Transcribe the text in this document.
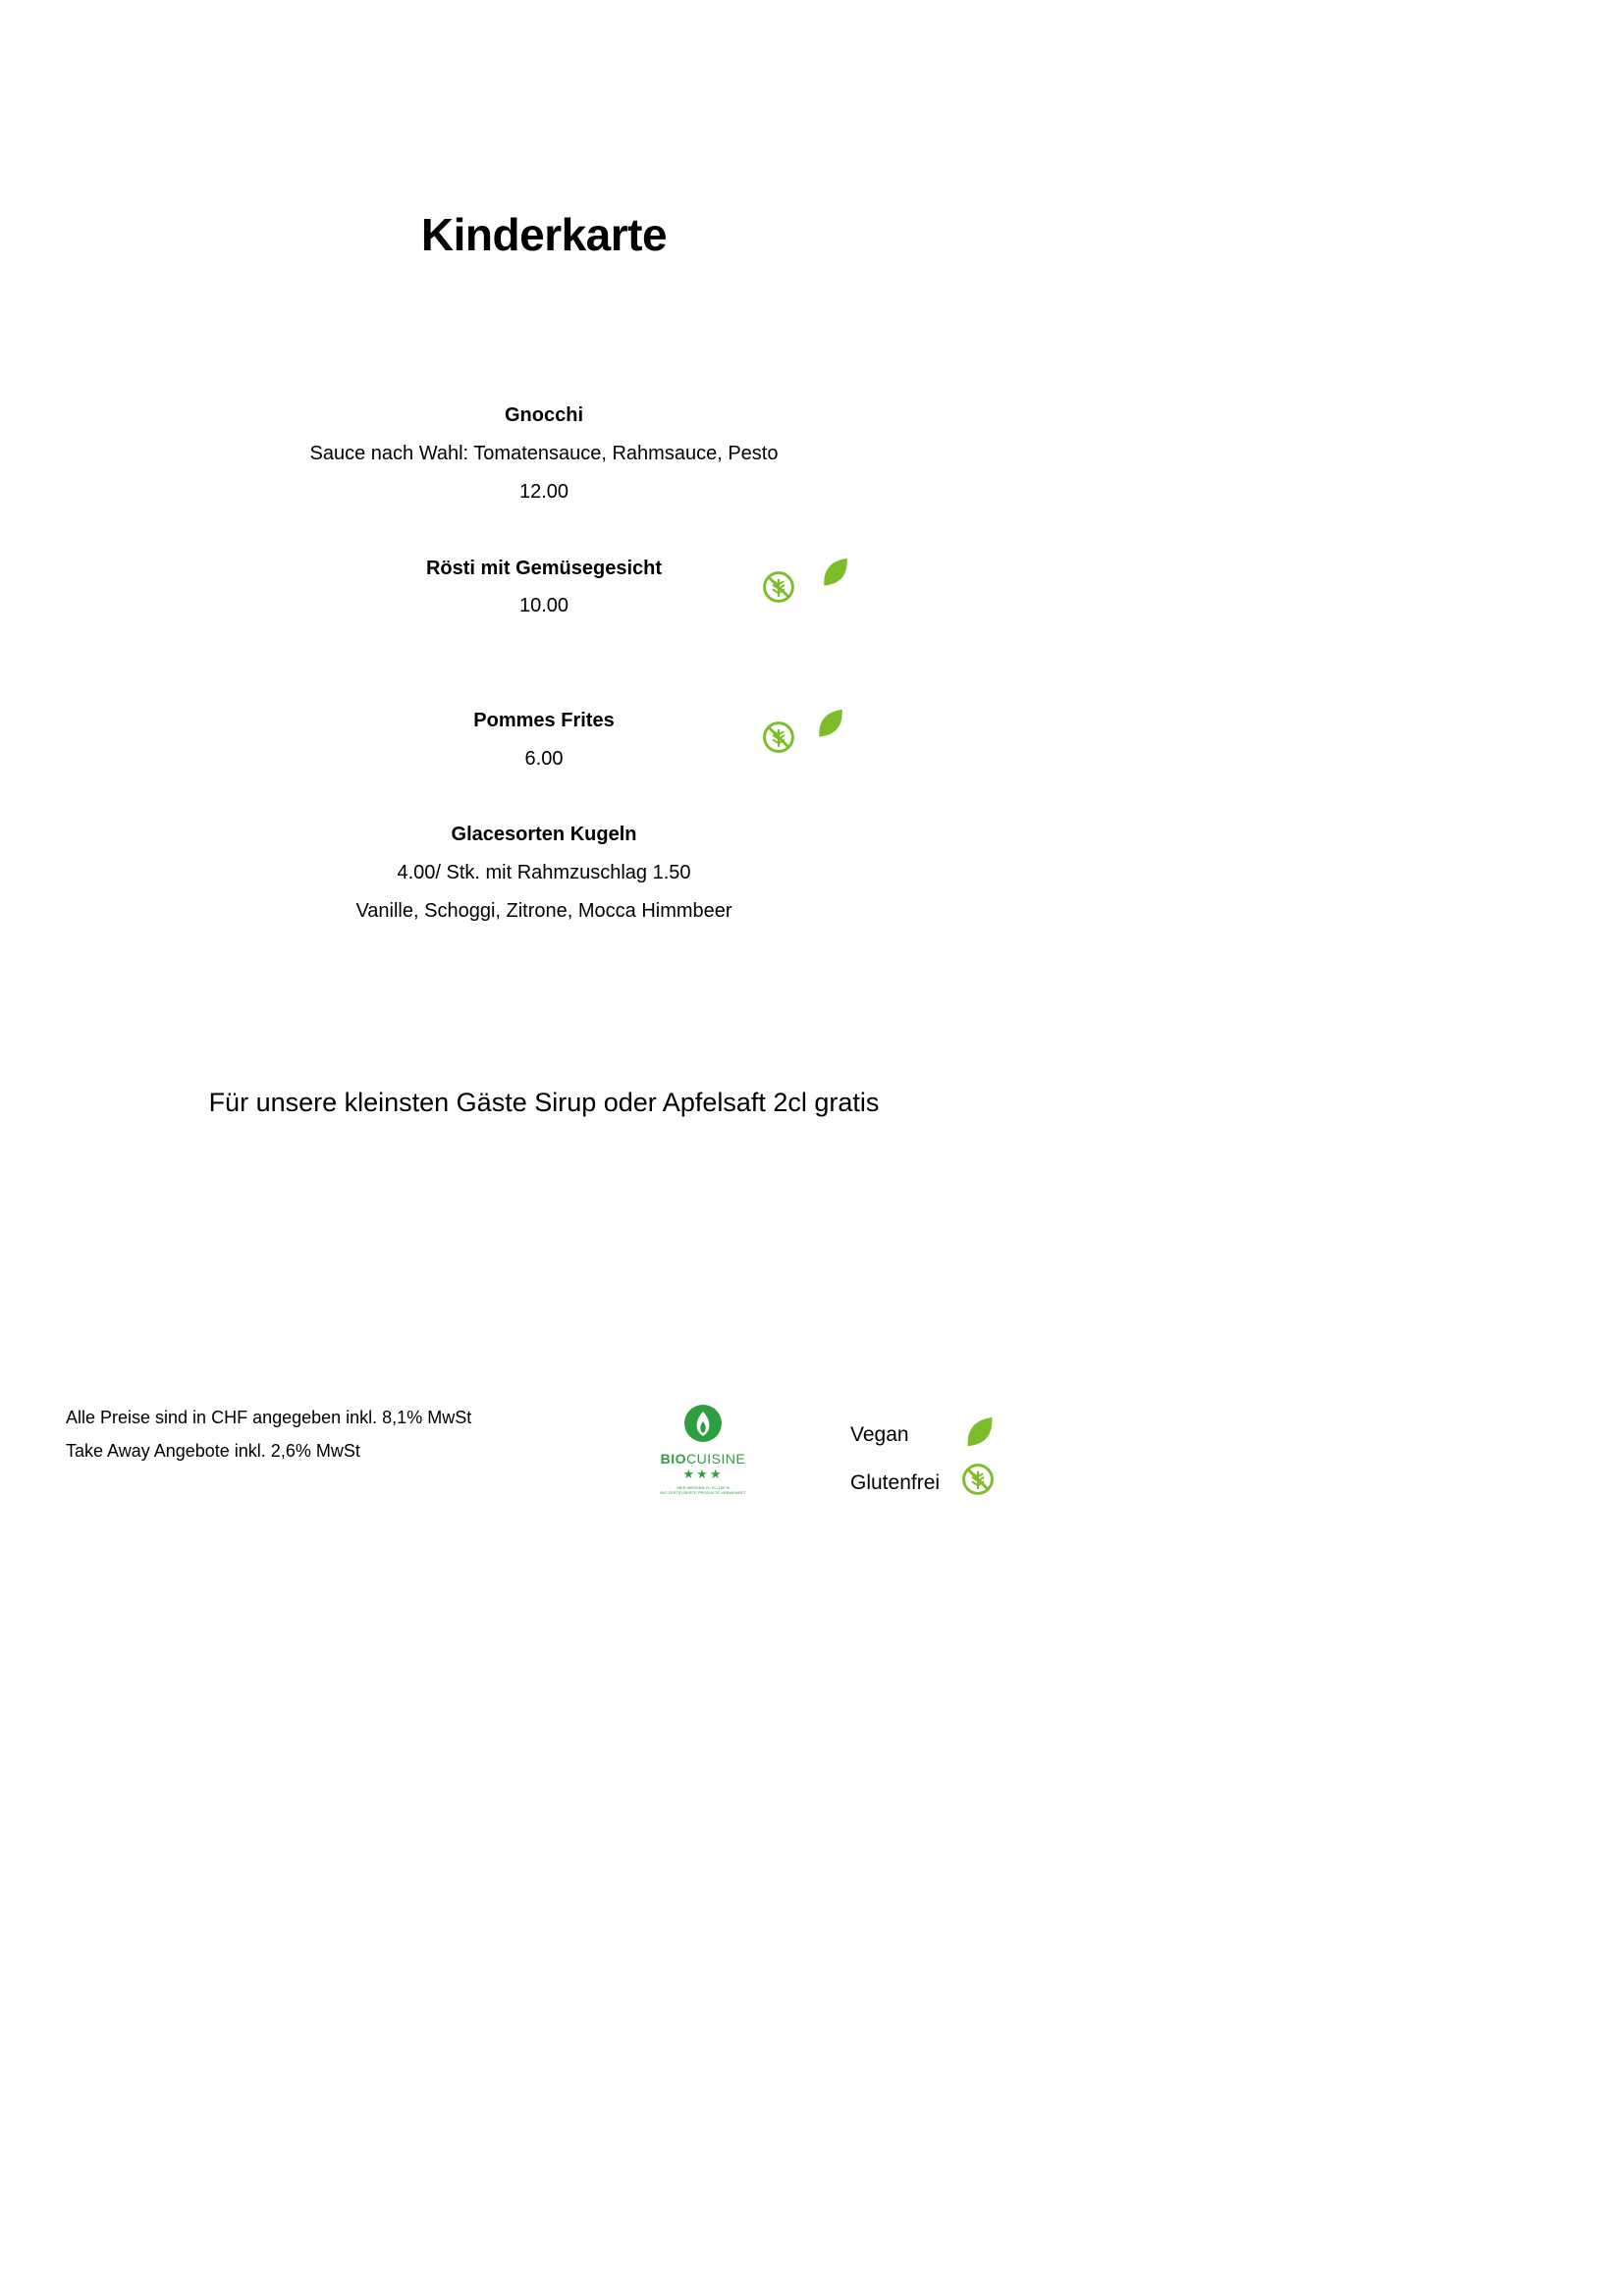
Kinderkarte
Gnocchi
Sauce nach Wahl: Tomatensauce, Rahmsauce, Pesto
12.00
Rösti mit Gemüsegesicht
10.00
Pommes Frites
6.00
Glacesorten Kugeln
4.00/ Stk. mit Rahmzuschlag 1.50
Vanille, Schoggi, Zitrone, Mocca Himmbeer
Für unsere kleinsten Gäste Sirup oder Apfelsaft 2cl gratis
Alle Preise sind in CHF angegeben inkl. 8,1% MwSt
Take Away Angebote inkl. 2,6% MwSt	BIOCUISINE
★★★
HIER WERDEN ZU 90–100 %
BIO-ZERTIFIZIERTE PRODUKTE VERWENDET
Vegan
Glutenfrei
